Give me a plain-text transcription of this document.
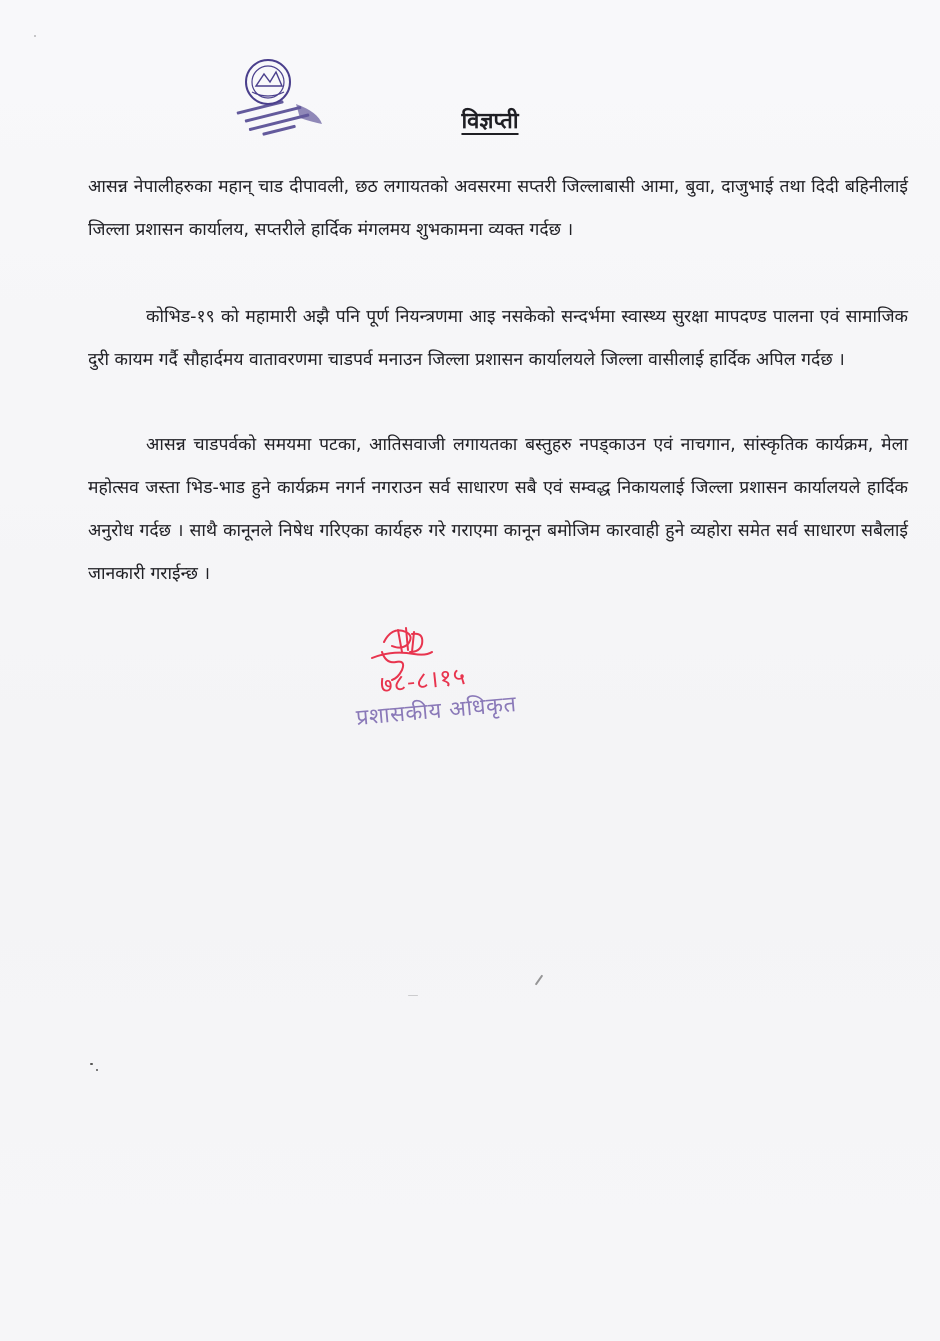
विज्ञप्ती

आसन्न नेपालीहरुका महान् चाड दीपावली, छठ लगायतको अवसरमा सप्तरी जिल्लाबासी आमा, बुवा, दाजुभाई तथा दिदी बहिनीलाई जिल्ला प्रशासन कार्यालय, सप्तरीले हार्दिक मंगलमय शुभकामना व्यक्त गर्दछ ।

कोभिड-१९ को महामारी अझै पनि पूर्ण नियन्त्रणमा आइ नसकेको सन्दर्भमा स्वास्थ्य सुरक्षा मापदण्ड पालना एवं सामाजिक दुरी कायम गर्दै सौहार्दमय वातावरणमा चाडपर्व मनाउन जिल्ला प्रशासन कार्यालयले जिल्ला वासीलाई हार्दिक अपिल गर्दछ ।

आसन्न चाडपर्वको समयमा पटका, आतिसवाजी लगायतका बस्तुहरु नपड्काउन एवं नाचगान, सांस्कृतिक कार्यक्रम, मेला महोत्सव जस्ता भिड-भाड हुने कार्यक्रम नगर्न नगराउन सर्व साधारण सबै एवं सम्वद्ध निकायलाई जिल्ला प्रशासन कार्यालयले हार्दिक अनुरोध गर्दछ । साथै कानूनले निषेध गरिएका कार्यहरु गरे गराएमा कानून बमोजिम कारवाही हुने व्यहोरा समेत सर्व साधारण सबैलाई जानकारी गराईन्छ ।

७८-८।१५
प्रशासकीय अधिकृत
